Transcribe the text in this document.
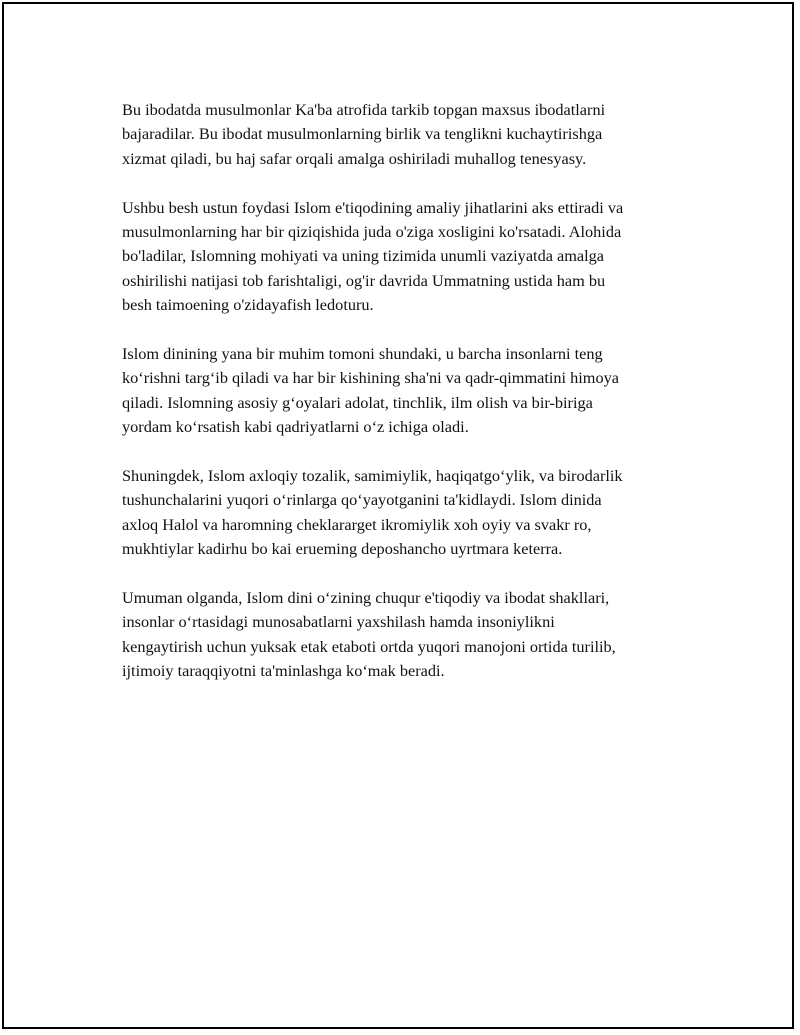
Bu ibodatda musulmonlar Ka'ba atrofida tarkib topgan maxsus ibodatlarni
bajaradilar. Bu ibodat musulmonlarning birlik va tenglikni kuchaytirishga
xizmat qiladi, bu haj safar orqali amalga oshiriladi muhallog tenesyasy.

Ushbu besh ustun foydasi Islom e'tiqodining amaliy jihatlarini aks ettiradi va
musulmonlarning har bir qiziqishida juda o'ziga xosligini ko'rsatadi. Alohida
bo'ladilar, Islomning mohiyati va uning tizimida unumli vaziyatda amalga
oshirilishi natijasi tob farishtaligi, og'ir davrida Ummatning ustida ham bu
besh taimoening o'zidayafish ledoturu.

Islom dinining yana bir muhim tomoni shundaki, u barcha insonlarni teng
ko‘rishni targ‘ib qiladi va har bir kishining sha'ni va qadr-qimmatini himoya
qiladi. Islomning asosiy g‘oyalari adolat, tinchlik, ilm olish va bir-biriga
yordam ko‘rsatish kabi qadriyatlarni o‘z ichiga oladi.

Shuningdek, Islom axloqiy tozalik, samimiylik, haqiqatgo‘ylik, va birodarlik
tushunchalarini yuqori o‘rinlarga qo‘yayotganini ta'kidlaydi. Islom dinida
axloq Halol va haromning cheklararget ikromiylik xoh oyiy va svakr ro,
mukhtiylar kadirhu bo kai erueming deposhancho uyrtmara keterra.

Umuman olganda, Islom dini o‘zining chuqur e'tiqodiy va ibodat shakllari,
insonlar o‘rtasidagi munosabatlarni yaxshilash hamda insoniylikni
kengaytirish uchun yuksak etak etaboti ortda yuqori manojoni ortida turilib,
ijtimoiy taraqqiyotni ta'minlashga ko‘mak beradi.
